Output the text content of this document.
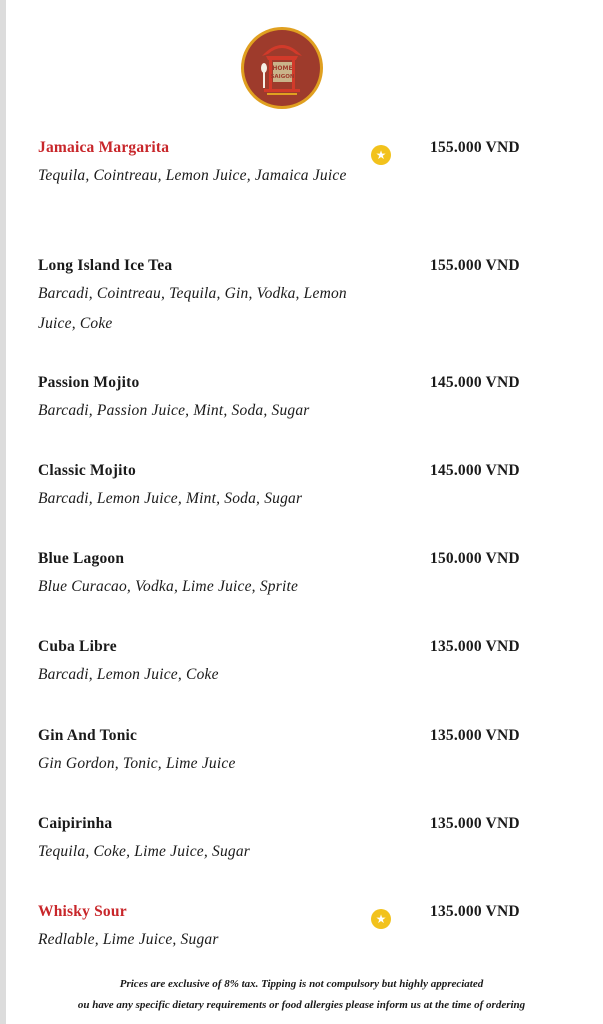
HOME
SAIGON
Jamaica Margarita	★	155.000 VND
Tequila, Cointreau, Lemon Juice, Jamaica Juice
Long Island Ice Tea	155.000 VND
Barcadi, Cointreau, Tequila, Gin, Vodka, Lemon Juice, Coke
Passion Mojito	145.000 VND
Barcadi, Passion Juice, Mint, Soda, Sugar
Classic Mojito	145.000 VND
Barcadi, Lemon Juice, Mint, Soda, Sugar
Blue Lagoon	150.000 VND
Blue Curacao, Vodka, Lime Juice, Sprite
Cuba Libre	135.000 VND
Barcadi, Lemon Juice, Coke
Gin And Tonic	135.000 VND
Gin Gordon, Tonic, Lime Juice
Caipirinha	135.000 VND
Tequila, Coke, Lime Juice, Sugar
Whisky Sour	★	135.000 VND
Redlable, Lime Juice, Sugar
Prices are exclusive of 8% tax. Tipping is not compulsory but highly appreciated
ou have any specific dietary requirements or food allergies please inform us at the time of ordering
